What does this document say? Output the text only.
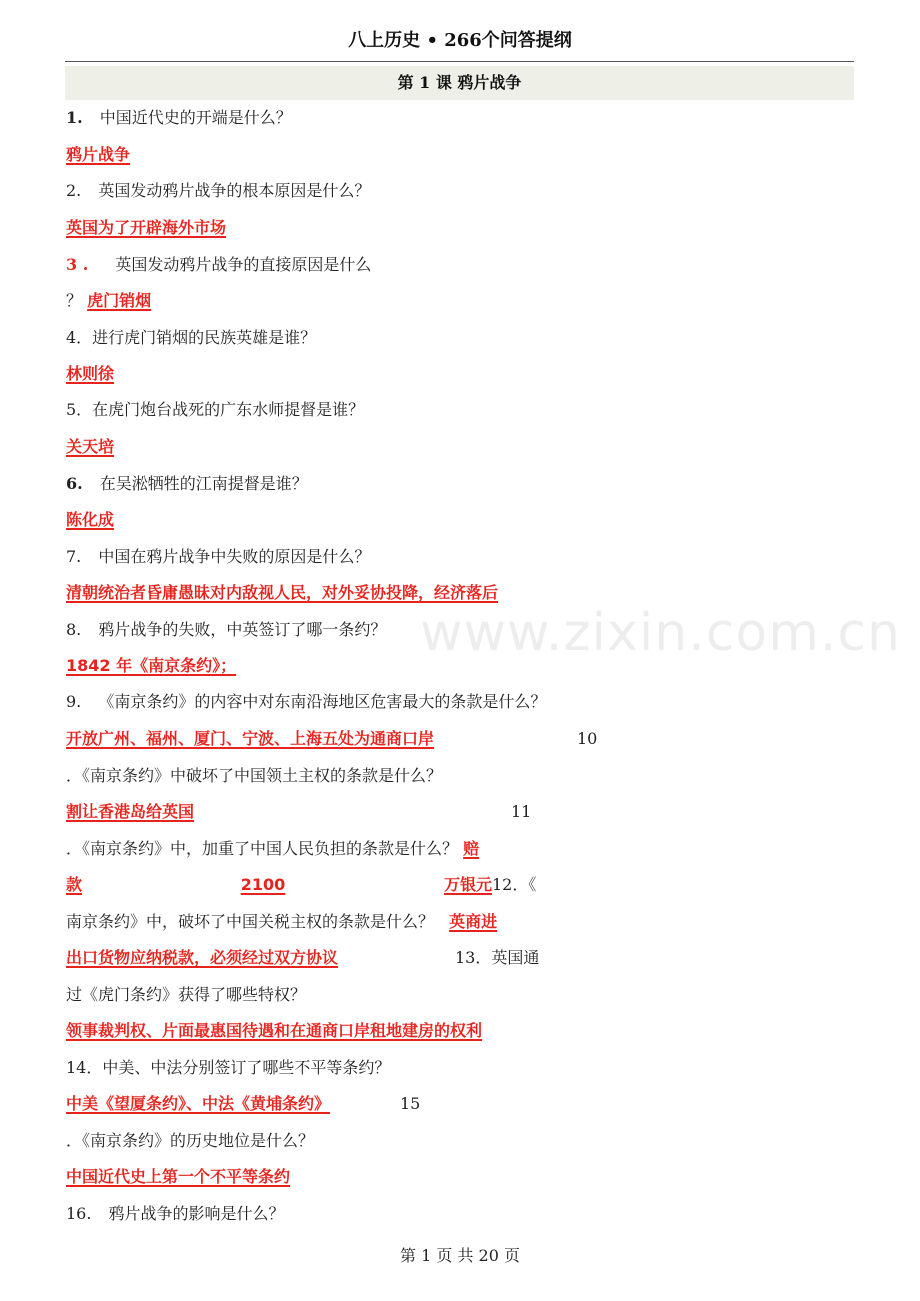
八上历史 • 266个问答提纲
第 1 课 鸦片战争
1. 中国近代史的开端是什么？
鸦片战争
2. 英国发动鸦片战争的根本原因是什么？
英国为了开辟海外市场
3 . 英国发动鸦片战争的直接原因是什么
？ 虎门销烟
4．进行虎门销烟的民族英雄是谁？
林则徐
5．在虎门炮台战死的广东水师提督是谁？
关天培
6. 在吴淞牺牲的江南提督是谁？
陈化成
7. 中国在鸦片战争中失败的原因是什么？
清朝统治者昏庸愚昧对内敌视人民，对外妥协投降，经济落后
8. 鸦片战争的失败，中英签订了哪一条约？
1842 年《南京条约》；
9. 《南京条约》的内容中对东南沿海地区危害最大的条款是什么？
开放广州、福州、厦门、宁波、上海五处为通商口岸	10
．《南京条约》中破坏了中国领土主权的条款是什么？
割让香港岛给英国	11
．《南京条约》中，加重了中国人民负担的条款是什么？ 赔
款	2100	万银元 12．《
南京条约》中，破坏了中国关税主权的条款是什么？ 英商进
出口货物应纳税款，必须经过双方协议	13．英国通
过《虎门条约》获得了哪些特权？
领事裁判权、片面最惠国待遇和在通商口岸租地建房的权利
14．中美、中法分别签订了哪些不平等条约？
中美《望厦条约》、中法《黄埔条约》	15
．《南京条约》的历史地位是什么？
中国近代史上第一个不平等条约
16. 鸦片战争的影响是什么？
www.zixin.com.cn
第 1 页 共 20 页
